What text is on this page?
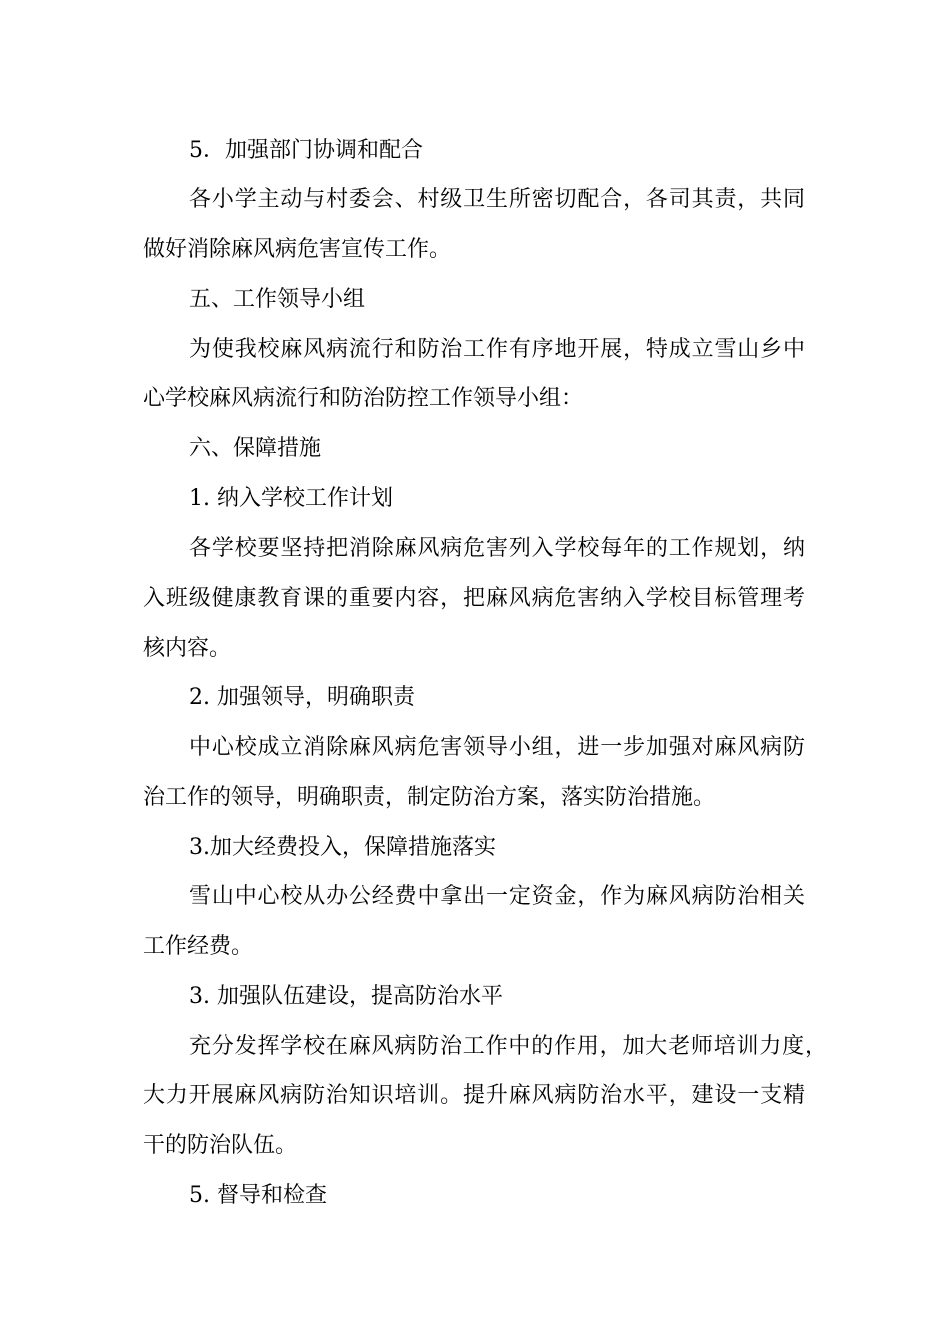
5．加强部门协调和配合
各小学主动与村委会、村级卫生所密切配合，各司其责，共同
做好消除麻风病危害宣传工作。
五、工作领导小组
为使我校麻风病流行和防治工作有序地开展，特成立雪山乡中
心学校麻风病流行和防治防控工作领导小组：
六、保障措施
1. 纳入学校工作计划
各学校要坚持把消除麻风病危害列入学校每年的工作规划，纳
入班级健康教育课的重要内容，把麻风病危害纳入学校目标管理考
核内容。
2. 加强领导，明确职责
中心校成立消除麻风病危害领导小组，进一步加强对麻风病防
治工作的领导，明确职责，制定防治方案，落实防治措施。
3.加大经费投入，保障措施落实
雪山中心校从办公经费中拿出一定资金，作为麻风病防治相关
工作经费。
3. 加强队伍建设，提高防治水平
充分发挥学校在麻风病防治工作中的作用，加大老师培训力度，
大力开展麻风病防治知识培训。提升麻风病防治水平，建设一支精
干的防治队伍。
5. 督导和检查
